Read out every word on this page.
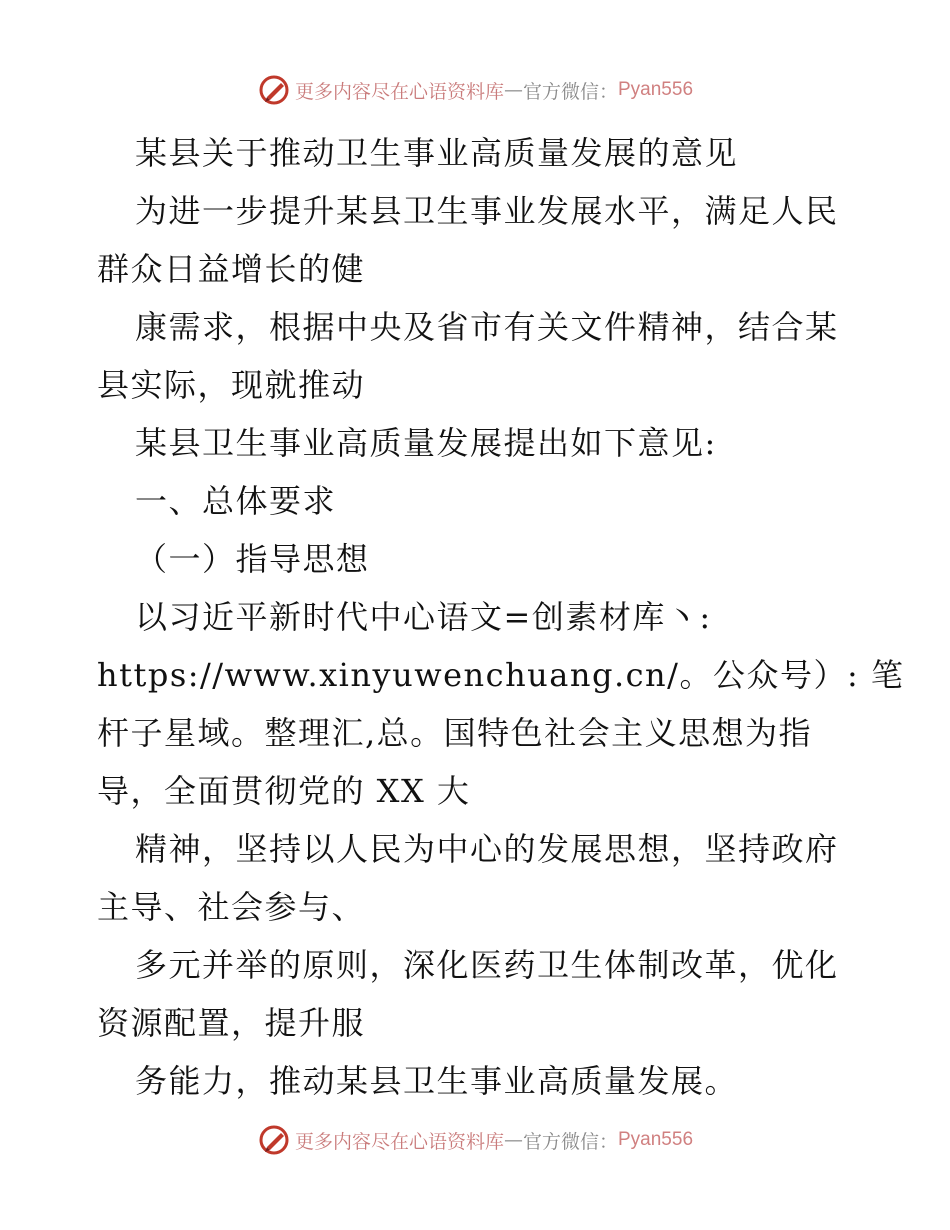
更多内容尽在心语资料库 — 官方微信： Pyan556
某县关于推动卫生事业高质量发展的意见
为进一步提升某县卫生事业发展水平，满足人民
群众日益增长的健
康需求，根据中央及省市有关文件精神，结合某
县实际，现就推动
某县卫生事业高质量发展提出如下意见:
一、总体要求
（一）指导思想
以习近平新时代中心语文=创素材库丶:
https://www.xinyuwenchuang.cn/。公众号）: 笔
杆子星域。整理汇,总。国特色社会主义思想为指
导，全面贯彻党的 XX 大
精神，坚持以人民为中心的发展思想，坚持政府
主导、社会参与、
多元并举的原则，深化医药卫生体制改革，优化
资源配置，提升服
务能力，推动某县卫生事业高质量发展。
更多内容尽在心语资料库 — 官方微信： Pyan556
